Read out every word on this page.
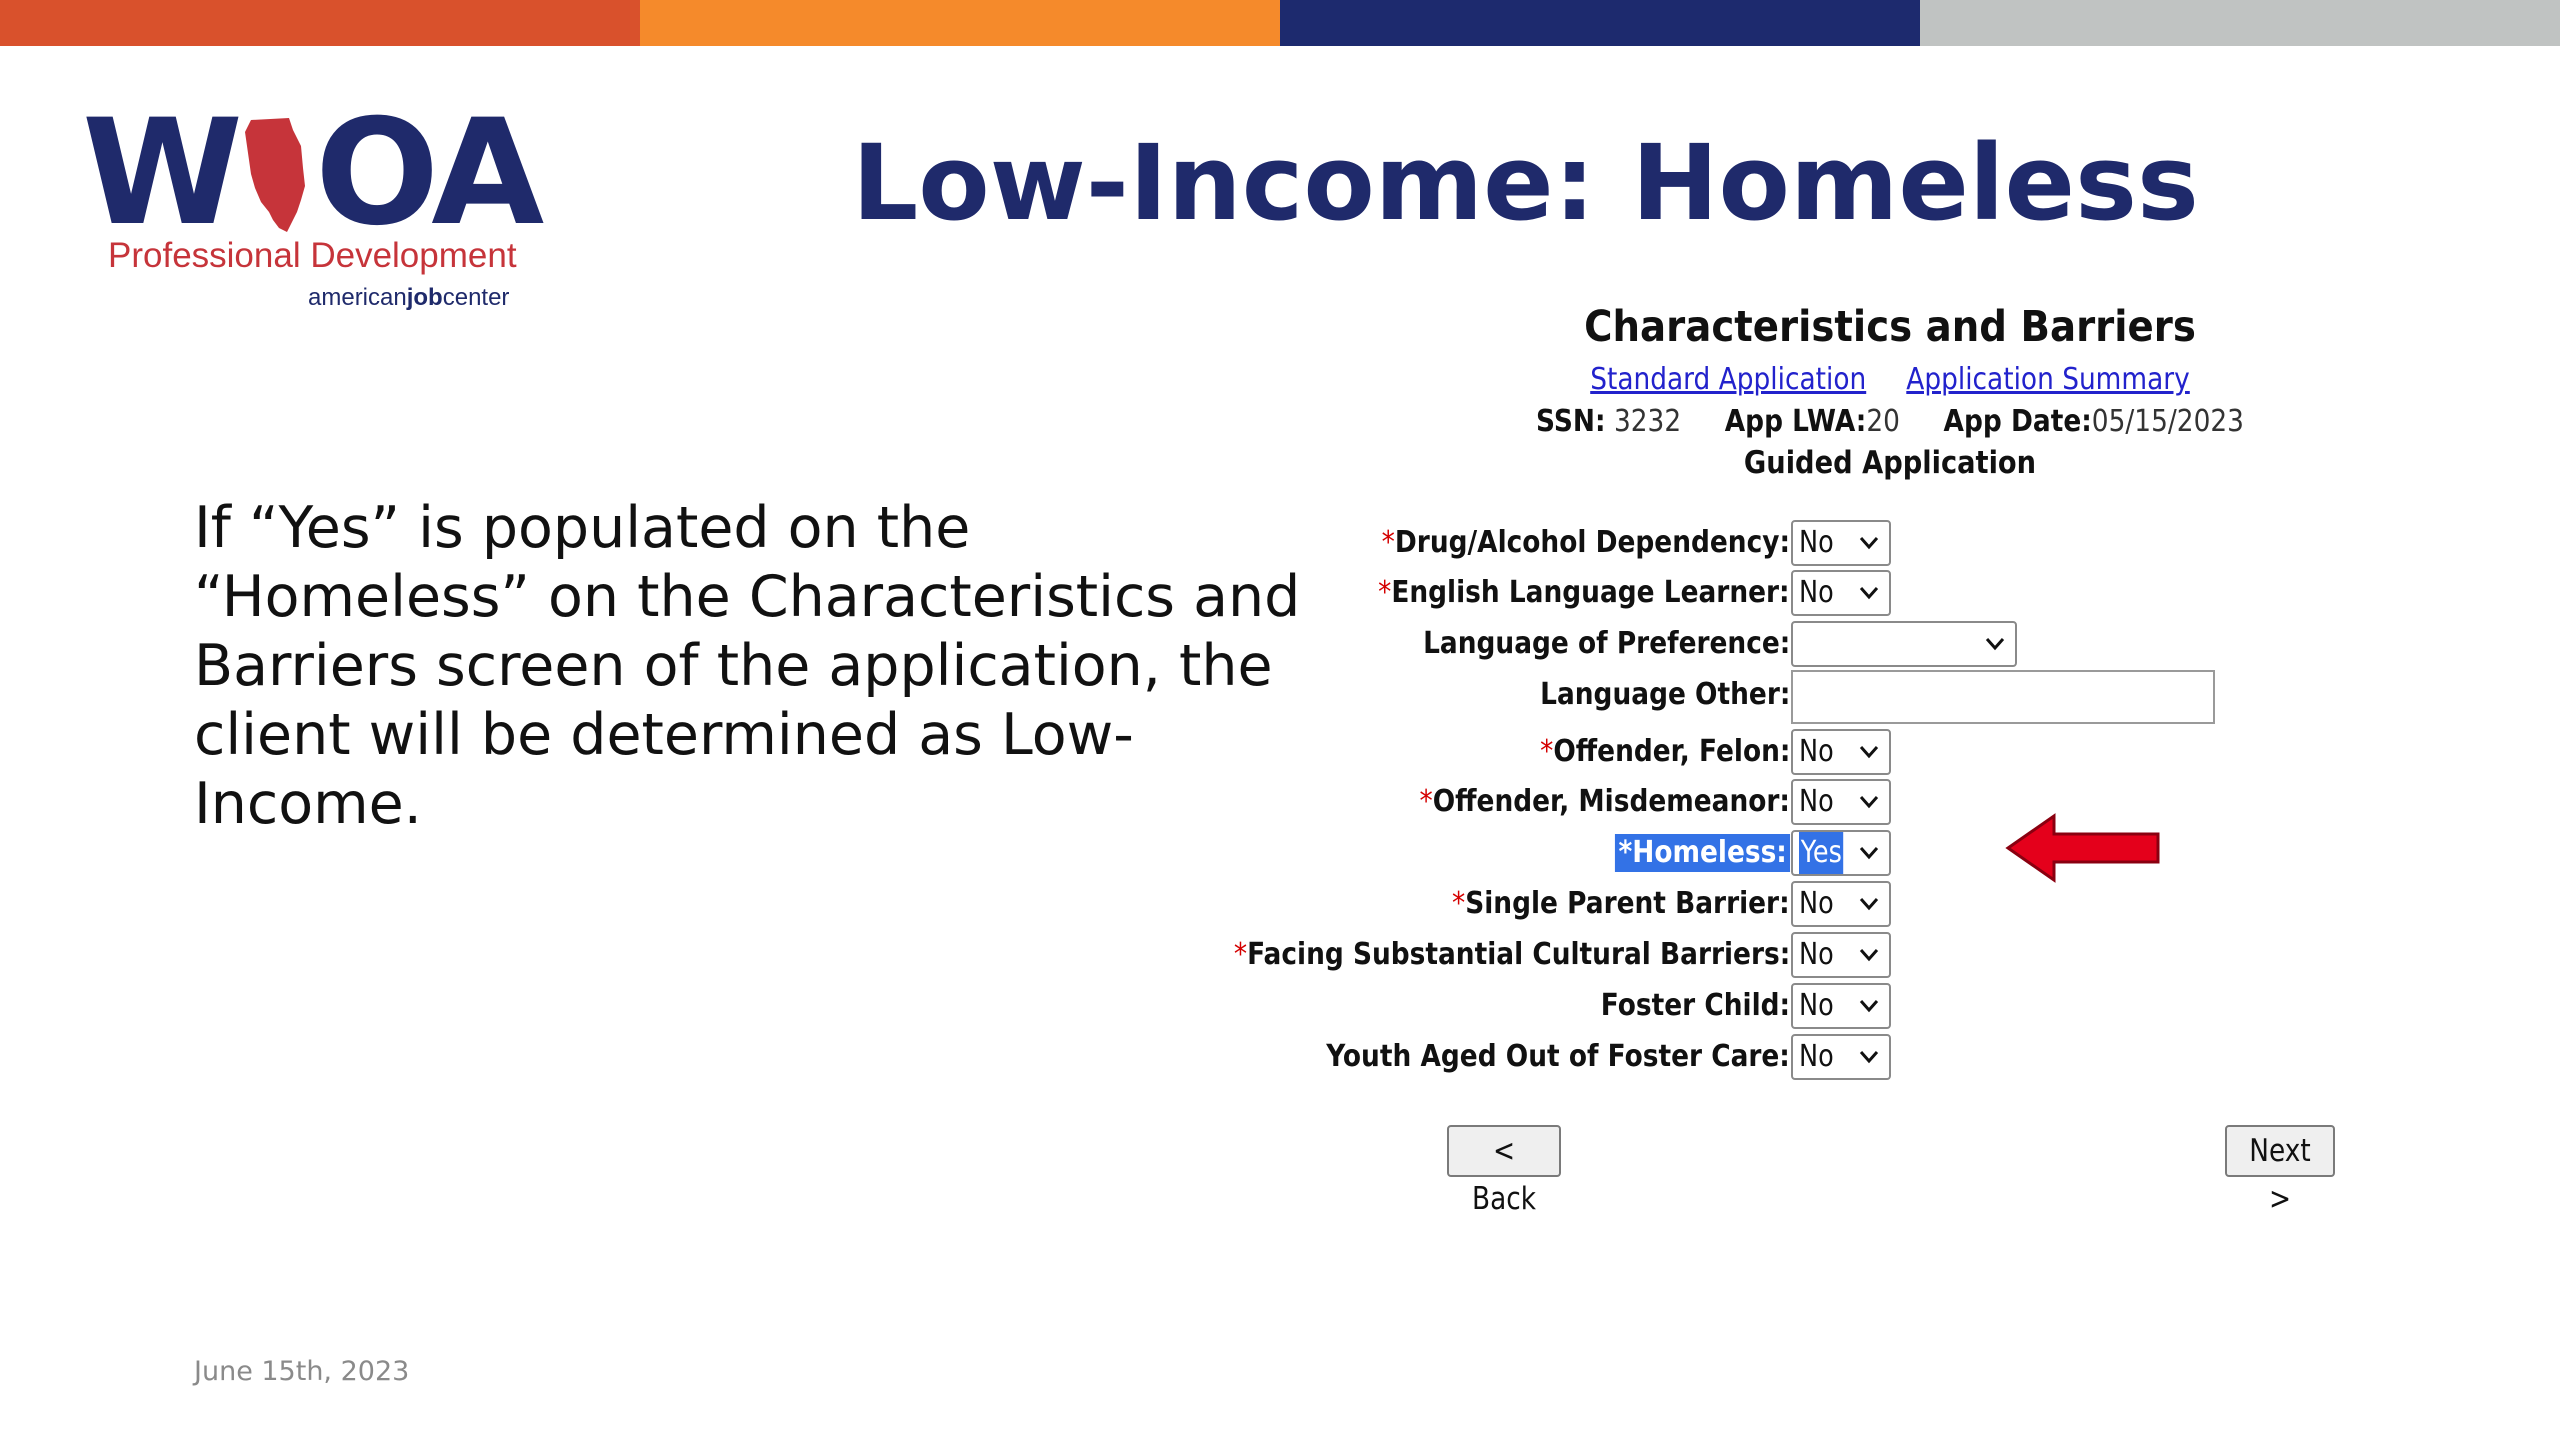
W OA
Professional Development
americanjobcenter
Low-Income: Homeless

If “Yes” is populated on the “Homeless” on the Characteristics and Barriers screen of the application, the client will be determined as Low-Income.

June 15th, 2023
Characteristics and Barriers
Standard Application Application Summary
SSN: 3232 App LWA:20 App Date:05/15/2023
Guided Application
*Drug/Alcohol Dependency: No
*English Language Learner: No
Language of Preference:
Language Other:
*Offender, Felon: No
*Offender, Misdemeanor: No
*Homeless: Yes
*Single Parent Barrier: No
*Facing Substantial Cultural Barriers: No
Foster Child: No
Youth Aged Out of Foster Care: No
< Back
Next >
